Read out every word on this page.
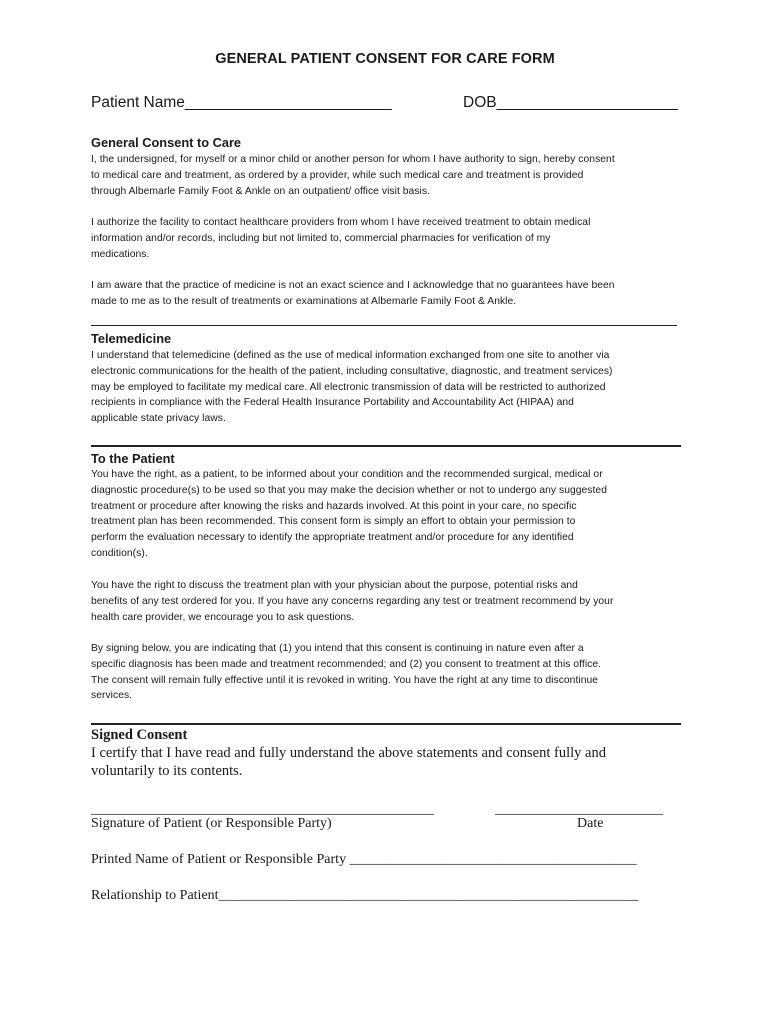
GENERAL PATIENT CONSENT FOR CARE FORM
Patient Name________________________	DOB_____________________
General Consent to Care
I, the undersigned, for myself or a minor child or another person for whom I have authority to sign, hereby consent
to medical care and treatment, as ordered by a provider, while such medical care and treatment is provided
through Albemarle Family Foot & Ankle on an outpatient/ office visit basis.
I authorize the facility to contact healthcare providers from whom I have received treatment to obtain medical
information and/or records, including but not limited to, commercial pharmacies for verification of my
medications.
I am aware that the practice of medicine is not an exact science and I acknowledge that no guarantees have been
made to me as to the result of treatments or examinations at Albemarle Family Foot & Ankle.
Telemedicine
I understand that telemedicine (defined as the use of medical information exchanged from one site to another via
electronic communications for the health of the patient, including consultative, diagnostic, and treatment services)
may be employed to facilitate my medical care. All electronic transmission of data will be restricted to authorized
recipients in compliance with the Federal Health Insurance Portability and Accountability Act (HIPAA) and
applicable state privacy laws.
To the Patient
You have the right, as a patient, to be informed about your condition and the recommended surgical, medical or
diagnostic procedure(s) to be used so that you may make the decision whether or not to undergo any suggested
treatment or procedure after knowing the risks and hazards involved. At this point in your care, no specific
treatment plan has been recommended. This consent form is simply an effort to obtain your permission to
perform the evaluation necessary to identify the appropriate treatment and/or procedure for any identified
condition(s).
You have the right to discuss the treatment plan with your physician about the purpose, potential risks and
benefits of any test ordered for you. If you have any concerns regarding any test or treatment recommend by your
health care provider, we encourage you to ask questions.
By signing below, you are indicating that (1) you intend that this consent is continuing in nature even after a
specific diagnosis has been made and treatment recommended; and (2) you consent to treatment at this office.
The consent will remain fully effective until it is revoked in writing. You have the right at any time to discontinue
services.
Signed Consent
I certify that I have read and fully understand the above statements and consent fully and
voluntarily to its contents.
_________________________________________________	________________________
Signature of Patient (or Responsible Party)	Date
Printed Name of Patient or Responsible Party _________________________________________
Relationship to Patient____________________________________________________________
